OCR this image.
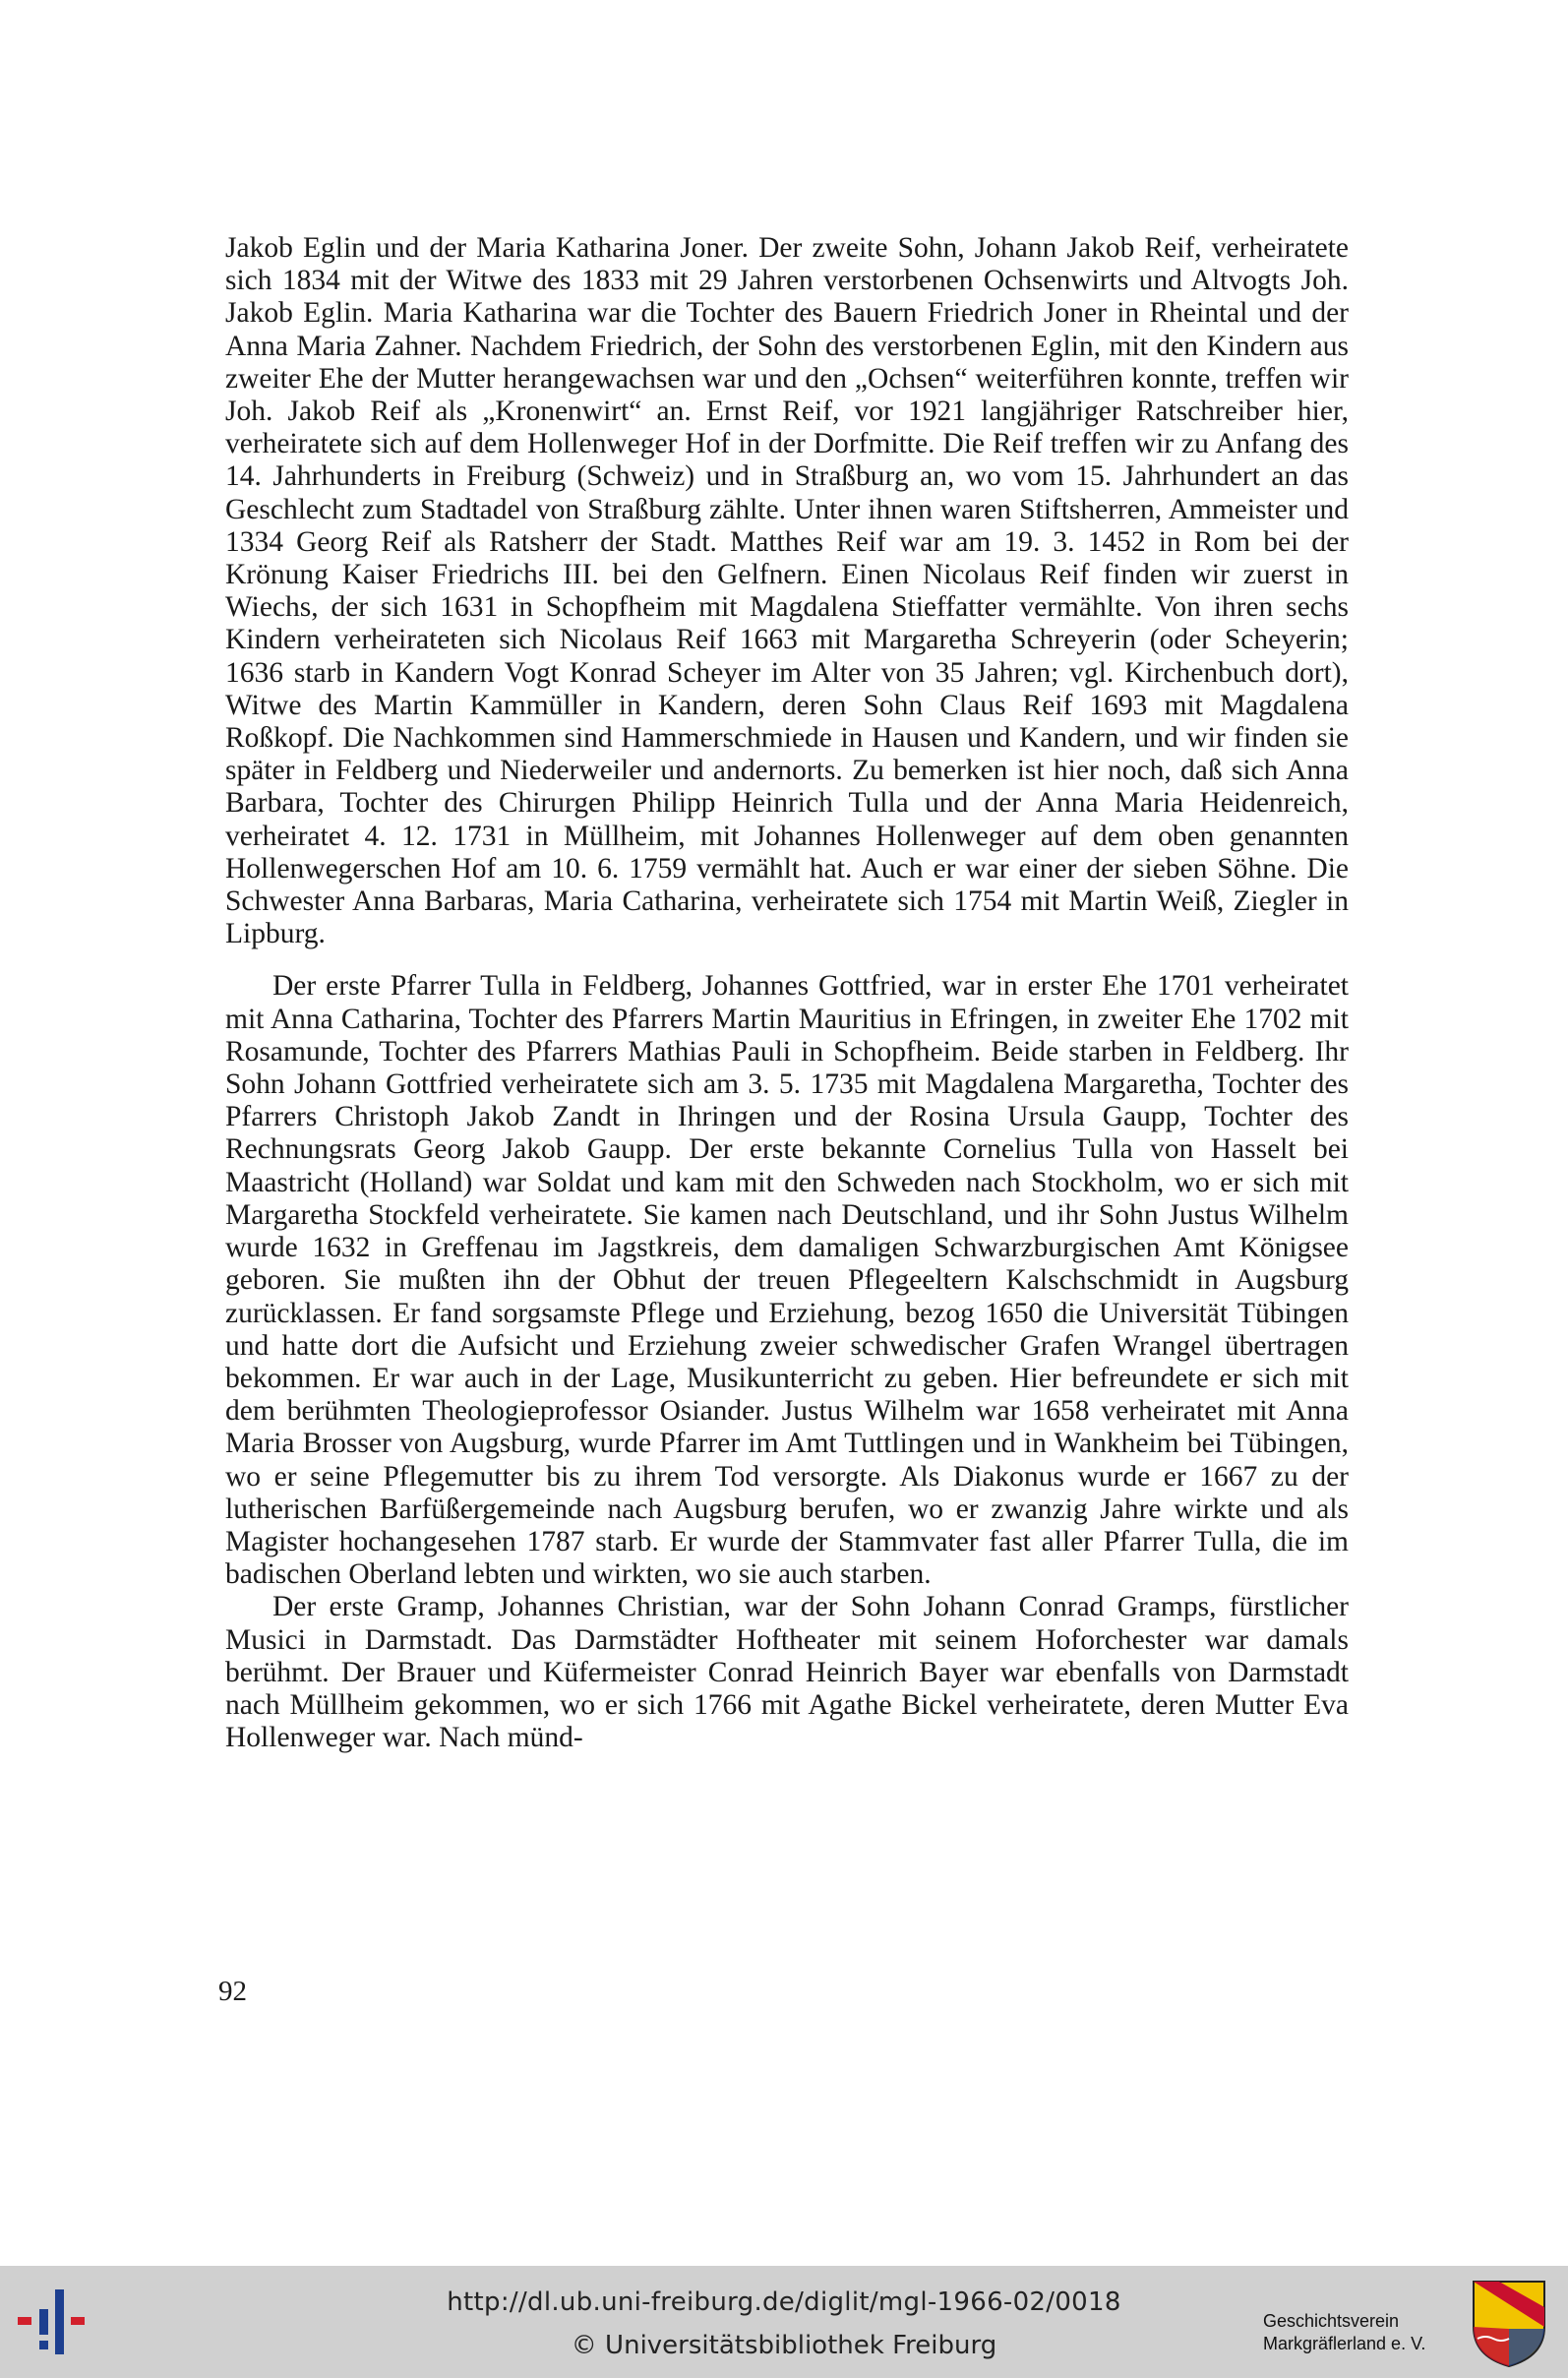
Jakob Eglin und der Maria Katharina Joner. Der zweite Sohn, Johann Jakob Reif, verheiratete sich 1834 mit der Witwe des 1833 mit 29 Jahren verstorbenen Ochsenwirts und Altvogts Joh. Jakob Eglin. Maria Katharina war die Tochter des Bauern Friedrich Joner in Rheintal und der Anna Maria Zahner. Nachdem Friedrich, der Sohn des verstorbenen Eglin, mit den Kindern aus zweiter Ehe der Mutter herangewachsen war und den „Ochsen“ weiterführen konnte, treffen wir Joh. Jakob Reif als „Kronenwirt“ an. Ernst Reif, vor 1921 langjähriger Ratschreiber hier, verheiratete sich auf dem Hollenweger Hof in der Dorfmitte. Die Reif treffen wir zu Anfang des 14. Jahrhunderts in Freiburg (Schweiz) und in Straßburg an, wo vom 15. Jahrhundert an das Geschlecht zum Stadtadel von Straßburg zählte. Unter ihnen waren Stiftsherren, Ammeister und 1334 Georg Reif als Ratsherr der Stadt. Matthes Reif war am 19. 3. 1452 in Rom bei der Krönung Kaiser Friedrichs III. bei den Gelfnern. Einen Nicolaus Reif finden wir zuerst in Wiechs, der sich 1631 in Schopfheim mit Magdalena Stieffatter vermählte. Von ihren sechs Kindern verheirateten sich Nicolaus Reif 1663 mit Margaretha Schreyerin (oder Scheyerin; 1636 starb in Kandern Vogt Konrad Scheyer im Alter von 35 Jahren; vgl. Kirchenbuch dort), Witwe des Martin Kammüller in Kandern, deren Sohn Claus Reif 1693 mit Magdalena Roßkopf. Die Nachkommen sind Hammerschmiede in Hausen und Kandern, und wir finden sie später in Feldberg und Niederweiler und andernorts. Zu bemerken ist hier noch, daß sich Anna Barbara, Tochter des Chirurgen Philipp Heinrich Tulla und der Anna Maria Heidenreich, verheiratet 4. 12. 1731 in Müllheim, mit Johannes Hollenweger auf dem oben genannten Hollenwegerschen Hof am 10. 6. 1759 vermählt hat. Auch er war einer der sieben Söhne. Die Schwester Anna Barbaras, Maria Catharina, verheiratete sich 1754 mit Martin Weiß, Ziegler in Lipburg.

Der erste Pfarrer Tulla in Feldberg, Johannes Gottfried, war in erster Ehe 1701 verheiratet mit Anna Catharina, Tochter des Pfarrers Martin Mauritius in Efringen, in zweiter Ehe 1702 mit Rosamunde, Tochter des Pfarrers Mathias Pauli in Schopfheim. Beide starben in Feldberg. Ihr Sohn Johann Gottfried verheiratete sich am 3. 5. 1735 mit Magdalena Margaretha, Tochter des Pfarrers Christoph Jakob Zandt in Ihringen und der Rosina Ursula Gaupp, Tochter des Rechnungsrats Georg Jakob Gaupp. Der erste bekannte Cornelius Tulla von Hasselt bei Maastricht (Holland) war Soldat und kam mit den Schweden nach Stockholm, wo er sich mit Margaretha Stockfeld verheiratete. Sie kamen nach Deutschland, und ihr Sohn Justus Wilhelm wurde 1632 in Greffenau im Jagstkreis, dem damaligen Schwarzburgischen Amt Königsee geboren. Sie mußten ihn der Obhut der treuen Pflegeeltern Kalschschmidt in Augsburg zurücklassen. Er fand sorgsamste Pflege und Erziehung, bezog 1650 die Universität Tübingen und hatte dort die Aufsicht und Erziehung zweier schwedischer Grafen Wrangel übertragen bekommen. Er war auch in der Lage, Musikunterricht zu geben. Hier befreundete er sich mit dem berühmten Theologieprofessor Osiander. Justus Wilhelm war 1658 verheiratet mit Anna Maria Brosser von Augsburg, wurde Pfarrer im Amt Tuttlingen und in Wankheim bei Tübingen, wo er seine Pflegemutter bis zu ihrem Tod versorgte. Als Diakonus wurde er 1667 zu der lutherischen Barfüßergemeinde nach Augsburg berufen, wo er zwanzig Jahre wirkte und als Magister hochangesehen 1787 starb. Er wurde der Stammvater fast aller Pfarrer Tulla, die im badischen Oberland lebten und wirkten, wo sie auch starben.

Der erste Gramp, Johannes Christian, war der Sohn Johann Conrad Gramps, fürstlicher Musici in Darmstadt. Das Darmstädter Hoftheater mit seinem Hoforchester war damals berühmt. Der Brauer und Küfermeister Conrad Heinrich Bayer war ebenfalls von Darmstadt nach Müllheim gekommen, wo er sich 1766 mit Agathe Bickel verheiratete, deren Mutter Eva Hollenweger war. Nach münd-

92
http://dl.ub.uni-freiburg.de/diglit/mgl-1966-02/0018
© Universitätsbibliothek Freiburg
Geschichtsverein
Markgräflerland e. V.
